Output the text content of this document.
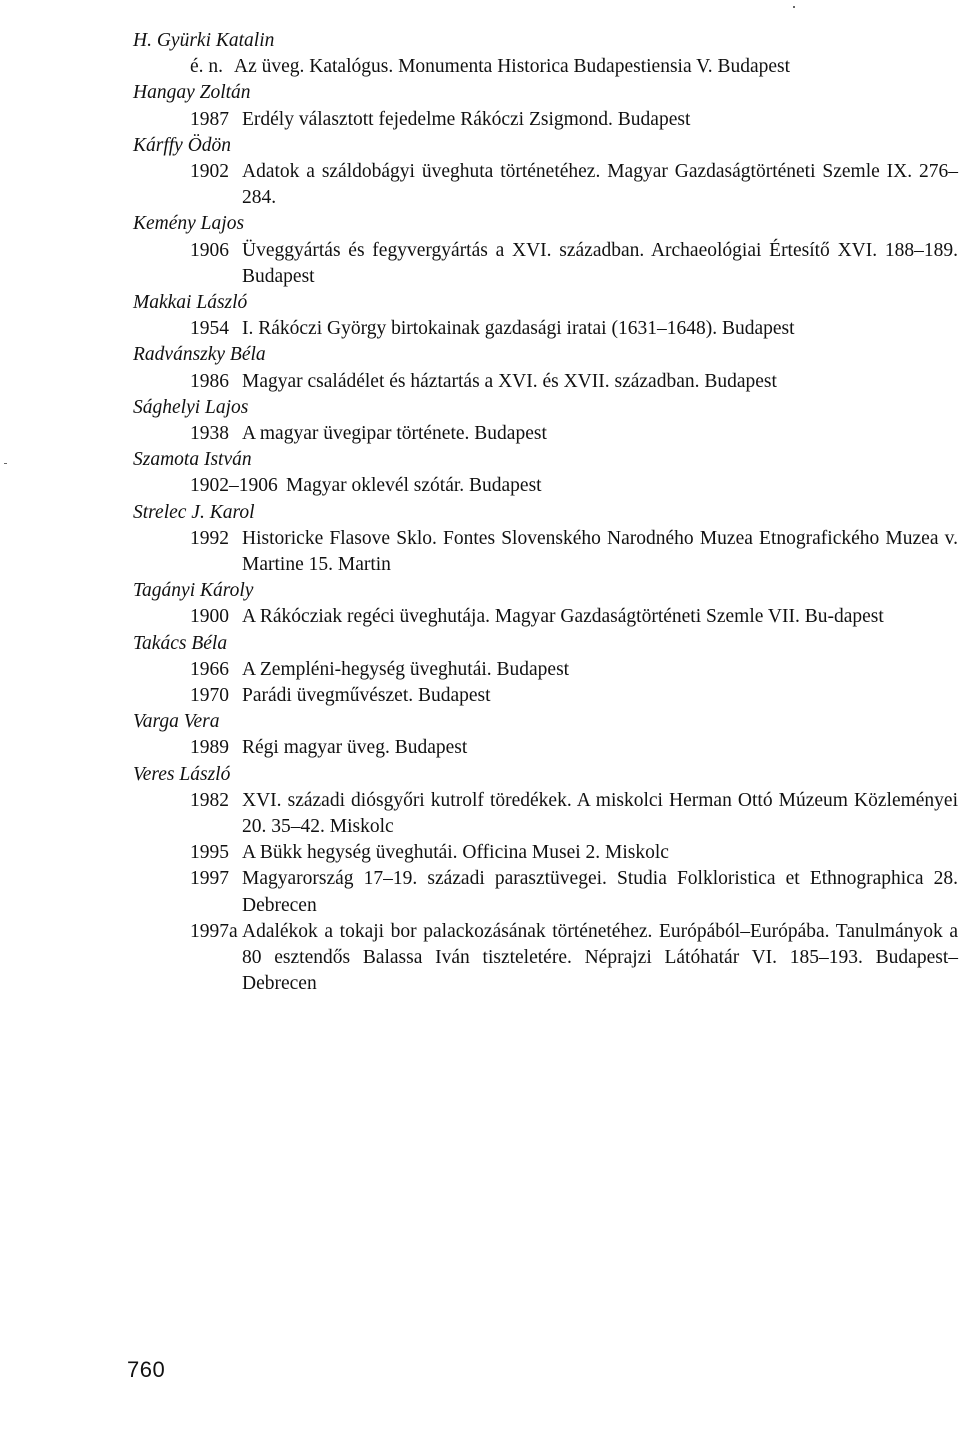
H. Gyürki Katalin
é. n. Az üveg. Katalógus. Monumenta Historica Budapestiensia V. Budapest
Hangay Zoltán
1987 Erdély választott fejedelme Rákóczi Zsigmond. Budapest
Kárffy Ödön
1902 Adatok a száldobágyi üveghuta történetéhez. Magyar Gazdaságtörténeti Szemle IX. 276–284.
Kemény Lajos
1906 Üveggyártás és fegyvergyártás a XVI. században. Archaeológiai Értesítő XVI. 188–189. Budapest
Makkai László
1954 I. Rákóczi György birtokainak gazdasági iratai (1631–1648). Budapest
Radvánszky Béla
1986 Magyar családélet és háztartás a XVI. és XVII. században. Budapest
Sághelyi Lajos
1938 A magyar üvegipar története. Budapest
Szamota István
1902–1906 Magyar oklevél szótár. Budapest
Strelec J. Karol
1992 Historicke Flasove Sklo. Fontes Slovenského Narodného Muzea Etnografického Muzea v. Martine 15. Martin
Tagányi Károly
1900 A Rákócziak regéci üveghutája. Magyar Gazdaságtörténeti Szemle VII. Bu-dapest
Takács Béla
1966 A Zempléni-hegység üveghutái. Budapest
1970 Parádi üvegművészet. Budapest
Varga Vera
1989 Régi magyar üveg. Budapest
Veres László
1982 XVI. századi diósgyőri kutrolf töredékek. A miskolci Herman Ottó Múzeum Közleményei 20. 35–42. Miskolc
1995 A Bükk hegység üveghutái. Officina Musei 2. Miskolc
1997 Magyarország 17–19. századi parasztüvegei. Studia Folkloristica et Ethnographica 28. Debrecen
1997a Adalékok a tokaji bor palackozásának történetéhez. Európából–Európába. Tanulmányok a 80 esztendős Balassa Iván tiszteletére. Néprajzi Látóhatár VI. 185–193. Budapest–Debrecen
760
